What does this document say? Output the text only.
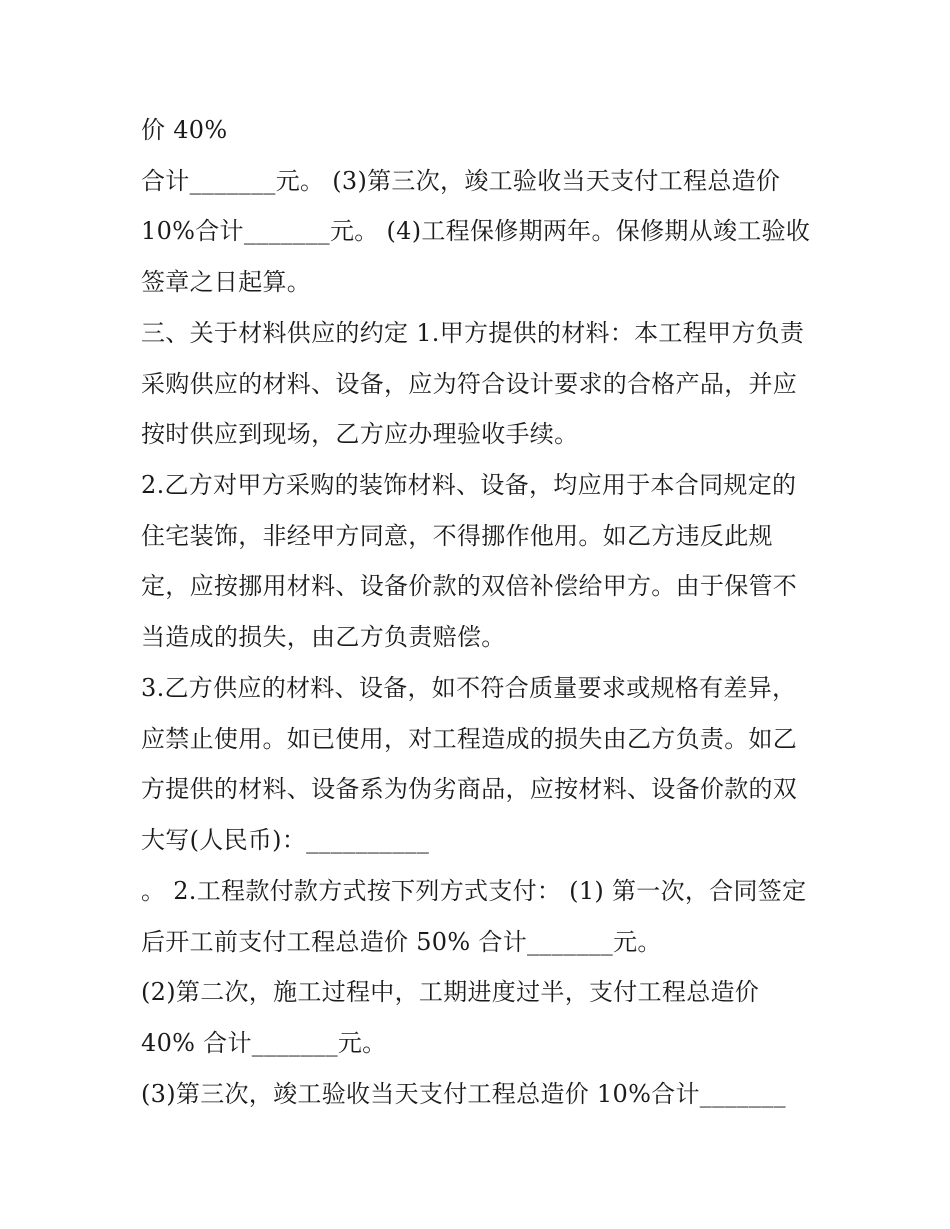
价 40%
合计_______元。 (3)第三次，竣工验收当天支付工程总造价
10%合计_______元。 (4)工程保修期两年。保修期从竣工验收
签章之日起算。
三、关于材料供应的约定 1.甲方提供的材料：本工程甲方负责
采购供应的材料、设备，应为符合设计要求的合格产品，并应
按时供应到现场，乙方应办理验收手续。
2.乙方对甲方采购的装饰材料、设备，均应用于本合同规定的
住宅装饰，非经甲方同意，不得挪作他用。如乙方违反此规
定，应按挪用材料、设备价款的双倍补偿给甲方。由于保管不
当造成的损失，由乙方负责赔偿。
3.乙方供应的材料、设备，如不符合质量要求或规格有差异，
应禁止使用。如已使用，对工程造成的损失由乙方负责。如乙
方提供的材料、设备系为伪劣商品，应按材料、设备价款的双
大写(人民币)：__________
。 2.工程款付款方式按下列方式支付： (1) 第一次，合同签定
后开工前支付工程总造价 50% 合计_______元。
(2)第二次，施工过程中，工期进度过半，支付工程总造价
40% 合计_______元。
(3)第三次，竣工验收当天支付工程总造价 10%合计_______
